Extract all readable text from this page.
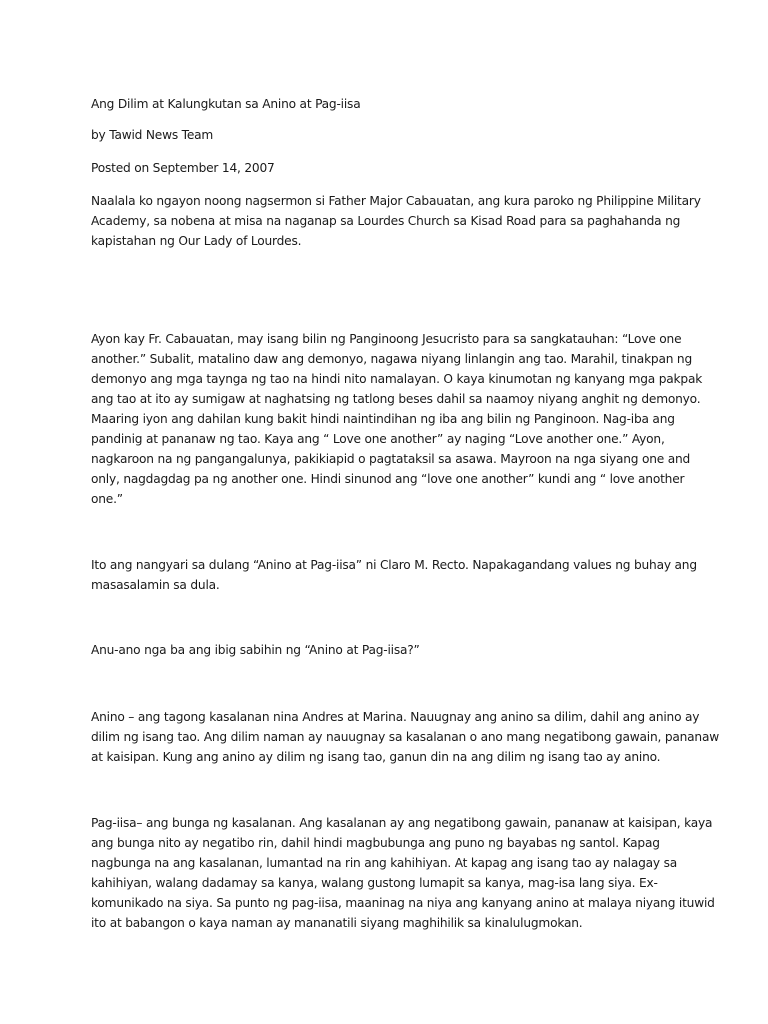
Ang Dilim at Kalungkutan sa Anino at Pag-iisa
by Tawid News Team
Posted on September 14, 2007
Naalala ko ngayon noong nagsermon si Father Major Cabauatan, ang kura paroko ng Philippine Military
Academy, sa nobena at misa na naganap sa Lourdes Church sa Kisad Road para sa paghahanda ng
kapistahan ng Our Lady of Lourdes.
Ayon kay Fr. Cabauatan, may isang bilin ng Panginoong Jesucristo para sa sangkatauhan: “Love one
another.” Subalit, matalino daw ang demonyo, nagawa niyang linlangin ang tao. Marahil, tinakpan ng
demonyo ang mga taynga ng tao na hindi nito namalayan. O kaya kinumotan ng kanyang mga pakpak
ang tao at ito ay sumigaw at naghatsing ng tatlong beses dahil sa naamoy niyang anghit ng demonyo.
Maaring iyon ang dahilan kung bakit hindi naintindihan ng iba ang bilin ng Panginoon. Nag-iba ang
pandinig at pananaw ng tao. Kaya ang “ Love one another” ay naging “Love another one.” Ayon,
nagkaroon na ng pangangalunya, pakikiapid o pagtataksil sa asawa. Mayroon na nga siyang one and
only, nagdagdag pa ng another one. Hindi sinunod ang “love one another” kundi ang “ love another
one.”
Ito ang nangyari sa dulang “Anino at Pag-iisa” ni Claro M. Recto. Napakagandang values ng buhay ang
masasalamin sa dula.
Anu-ano nga ba ang ibig sabihin ng “Anino at Pag-iisa?”
Anino – ang tagong kasalanan nina Andres at Marina. Nauugnay ang anino sa dilim, dahil ang anino ay
dilim ng isang tao. Ang dilim naman ay nauugnay sa kasalanan o ano mang negatibong gawain, pananaw
at kaisipan. Kung ang anino ay dilim ng isang tao, ganun din na ang dilim ng isang tao ay anino.
Pag-iisa– ang bunga ng kasalanan. Ang kasalanan ay ang negatibong gawain, pananaw at kaisipan, kaya
ang bunga nito ay negatibo rin, dahil hindi magbubunga ang puno ng bayabas ng santol. Kapag
nagbunga na ang kasalanan, lumantad na rin ang kahihiyan. At kapag ang isang tao ay nalagay sa
kahihiyan, walang dadamay sa kanya, walang gustong lumapit sa kanya, mag-isa lang siya. Ex-
komunikado na siya. Sa punto ng pag-iisa, maaninag na niya ang kanyang anino at malaya niyang ituwid
ito at babangon o kaya naman ay mananatili siyang maghihilik sa kinalulugmokan.
